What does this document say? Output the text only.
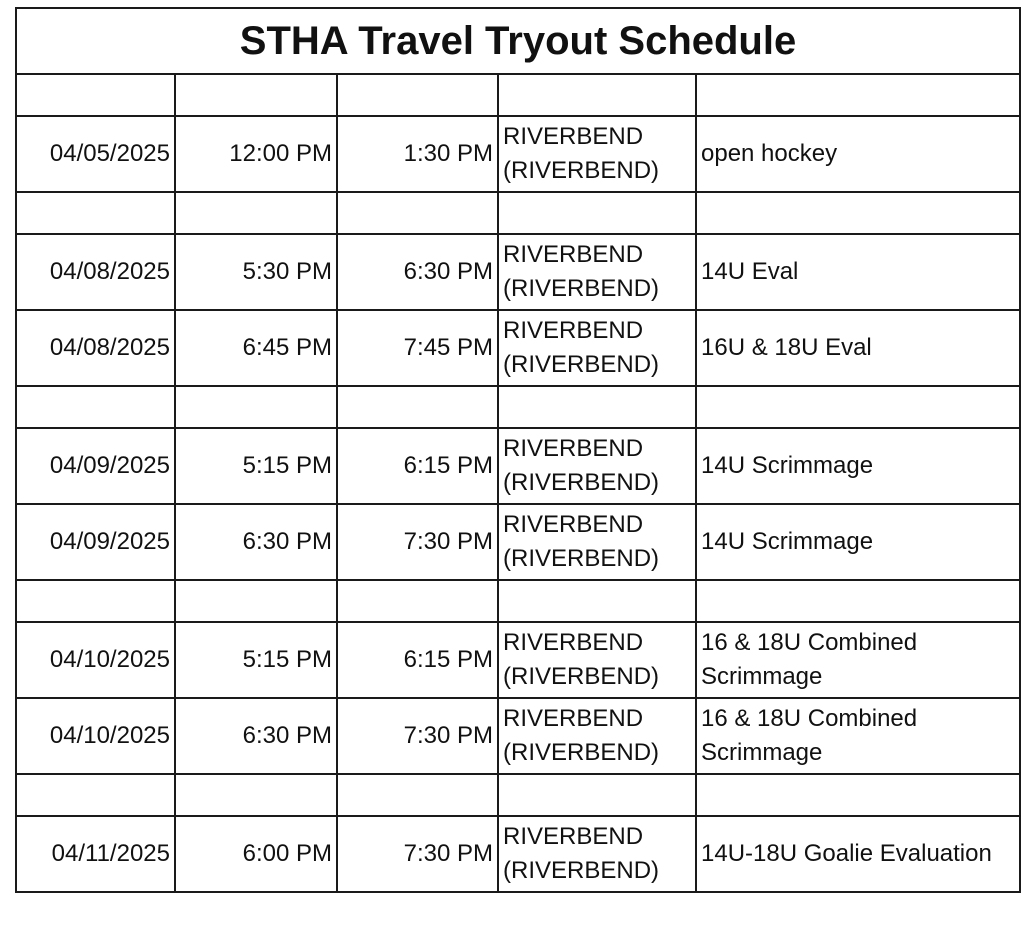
STHA Travel Tryout Schedule				

04/05/2025	12:00 PM	1:30 PM	RIVERBEND
(RIVERBEND)	open hockey

04/08/2025	5:30 PM	6:30 PM	RIVERBEND
(RIVERBEND)	14U Eval
04/08/2025	6:45 PM	7:45 PM	RIVERBEND
(RIVERBEND)	16U & 18U Eval

04/09/2025	5:15 PM	6:15 PM	RIVERBEND
(RIVERBEND)	14U Scrimmage
04/09/2025	6:30 PM	7:30 PM	RIVERBEND
(RIVERBEND)	14U Scrimmage

04/10/2025	5:15 PM	6:15 PM	RIVERBEND
(RIVERBEND)	16 & 18U Combined Scrimmage
04/10/2025	6:30 PM	7:30 PM	RIVERBEND
(RIVERBEND)	16 & 18U Combined Scrimmage

04/11/2025	6:00 PM	7:30 PM	RIVERBEND
(RIVERBEND)	14U-18U Goalie Evaluation
